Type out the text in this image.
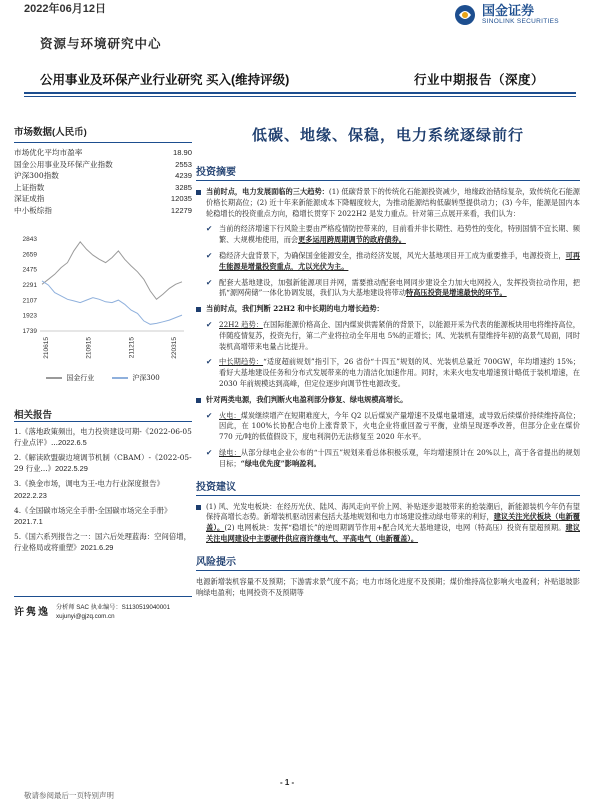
2022年06月12日	国金证券
SINOLINK SECURITIES
资源与环境研究中心
公用事业及环保产业行业研究 买入(维持评级)	行业中期报告（深度）
市场数据(人民币)
市场优化平均市盈率	18.90
国金公用事业及环保产业指数	2553
沪深300指数	4239
上证指数	3285
深证成指	12035
中小板综指	12279
2843
2659
2475
2291
2107
1923
1739
210615	210915	211215	220315
国金行业	沪深300
相关报告
1.《落地政策频出，电力投资建设可期-《2022-06-05 行业点评》...2022.6.5
2.《解读欧盟碳边境调节机制（CBAM）-《2022-05-29 行业...》2022.5.29
3.《换金市场，调电为王-电力行业深度报告》2022.2.23
4.《全国碳市场完全手册-全国碳市场完全手册》2021.7.1
5.《国六系列报告之一：国六后处理蓝海：空间倍增，行业格局或将重塑》2021.6.29
许隽逸 分析师 SAC 执业编号：S1130519040001
xujunyi@gjzq.com.cn
低碳、地缘、保稳，电力系统逐绿前行
投资摘要
当前时点，电力发展面临的三大趋势：(1) 低碳背景下的传统化石能源投资减少，地缘政治错综复杂，致传统化石能源价格长期高位；(2) 近十年来新能源成本下降幅度较大，为推动能源结构低碳转型提供动力；(3) 今年，能源是国内本轮稳增长的投资重点方向，稳增长贯穿下 2022H2 是发力重点。针对第三点展开来看，我们认为：
✔ 当前的经济增速下行风险主要由严格疫情防控带来的，目前看并非长期性、趋势性的变化，特别国情不宜长期、频繁、大规模地使用，而会更多运用跨周期调节的政府债券。
✔ 稳经济大盘背景下，为确保国金能源安全，推动经济发展，风光大基地项目开工成为重要推手，电源投资上，可再生能源是增量投资重点，尤以光伏为主。
✔ 配套大基地建设，加强新能源项目并网，需要推动配套电网同步建设全力加大电网投入，发挥投资拉动作用，把抓“源网荷储”一体化协调发展，我们认为大基地建设将带动特高压投资是增速最快的环节。
当前时点，我们判断 22H2 和中长期的电力增长趋势：
✔ 22H2 趋势：在国际能源价格高企、国内煤炭供需紧俏的背景下，以能源开采为代表的能源板块用电将维持高位，伴随疫情复苏，投资先行，第二产业将拉动全年用电 5%的正增长；风、光装机有望维持年初的高景气局面，同时装机高增带来电量占比提升。
✔ 中长期趋势：“适度超前规划”指引下，26 省份“十四五”规划的风、光装机总量近 700GW，年均增速约 15%；看好大基地建设任务和分布式发展带来的电力清洁化加速作用。同时，未来火电发电增速预计略低于装机增速，在 2030 年前规模达到高峰，但定位逐步向调节性电源改变。
针对两类电源，我们判断火电盈利部分修复、绿电规模高增长。
✔ 火电：煤炭继续增产在短期难度大，今年 Q2 以后煤炭产量增速不及煤电量增速，或导致后续煤价持续维持高位；因此，在 100%长协配合电价上涨背景下，火电企业将重回盈亏平衡，业绩呈现逐季改善，但部分企业在煤价 770 元/吨的低值假设下，度电利润仍无法修复至 2020 年水平。
✔ 绿电：从部分绿电企业公布的“十四五”规划来看总体积极乐观，年均增速预计在 20%以上，高于各省提出的规划目标；“绿电优先度”影响盈利。
投资建议
(1) 风、光发电板块：在经历光伏、陆风、海风走向平价上网、补贴逐步退坡带来的抢装潮后，新能源装机今年仍有望保持高增长态势。新增装机驱动因素包括大基地规划和电力市场建设推动绿电带来的利好，建议关注光伏板块（电新覆盖）。(2) 电网板块：发挥“稳增长”的逆周期调节作用+配合风光大基地建设，电网（特高压）投资有望超预期。建议关注电网建设中主要硬件供应商许继电气、平高电气（电新覆盖）。
风险提示

电源新增装机容量不及预期；下游需求景气度不高；电力市场化进度不及预期；煤价维持高位影响火电盈利；补贴退坡影响绿电盈利；电网投资不及预期等

- 1 -
敬请参阅最后一页特别声明
